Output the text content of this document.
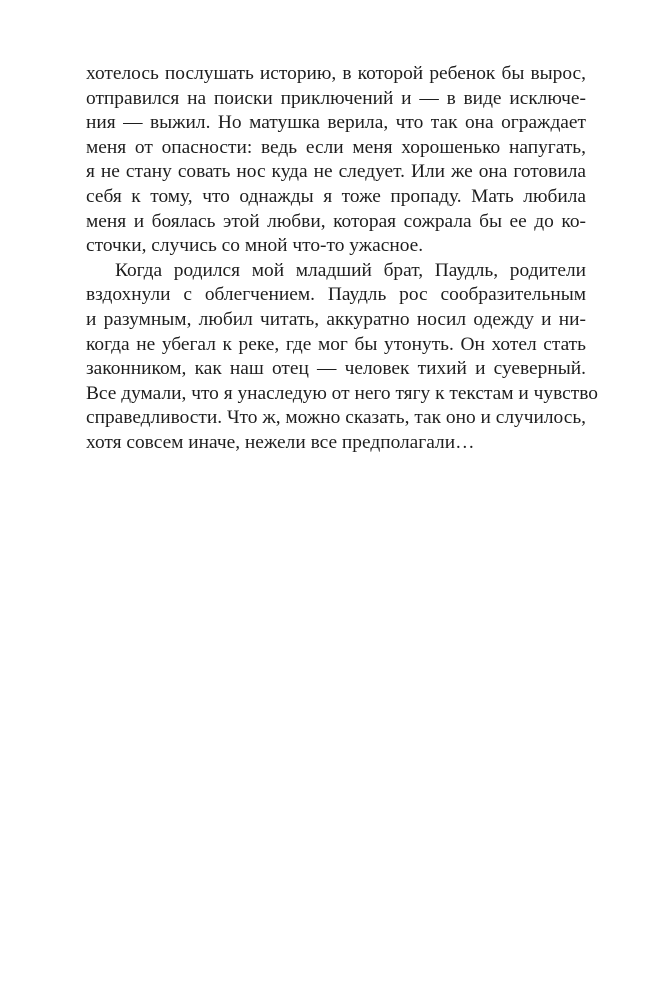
хотелось послушать историю, в которой ребенок бы вырос,
отправился на поиски приключений и — в виде исключе-
ния — выжил. Но матушка верила, что так она ограждает
меня от опасности: ведь если меня хорошенько напугать,
я не стану совать нос куда не следует. Или же она готовила
себя к тому, что однажды я тоже пропаду. Мать любила
меня и боялась этой любви, которая сожрала бы ее до ко-
сточки, случись со мной что-то ужасное.

Когда родился мой младший брат, Паудль, родители
вздохнули с облегчением. Паудль рос сообразительным
и разумным, любил читать, аккуратно носил одежду и ни-
когда не убегал к реке, где мог бы утонуть. Он хотел стать
законником, как наш отец — человек тихий и суеверный.
Все думали, что я унаследую от него тягу к текстам и чувство
справедливости. Что ж, можно сказать, так оно и случилось,
хотя совсем иначе, нежели все предполагали…
